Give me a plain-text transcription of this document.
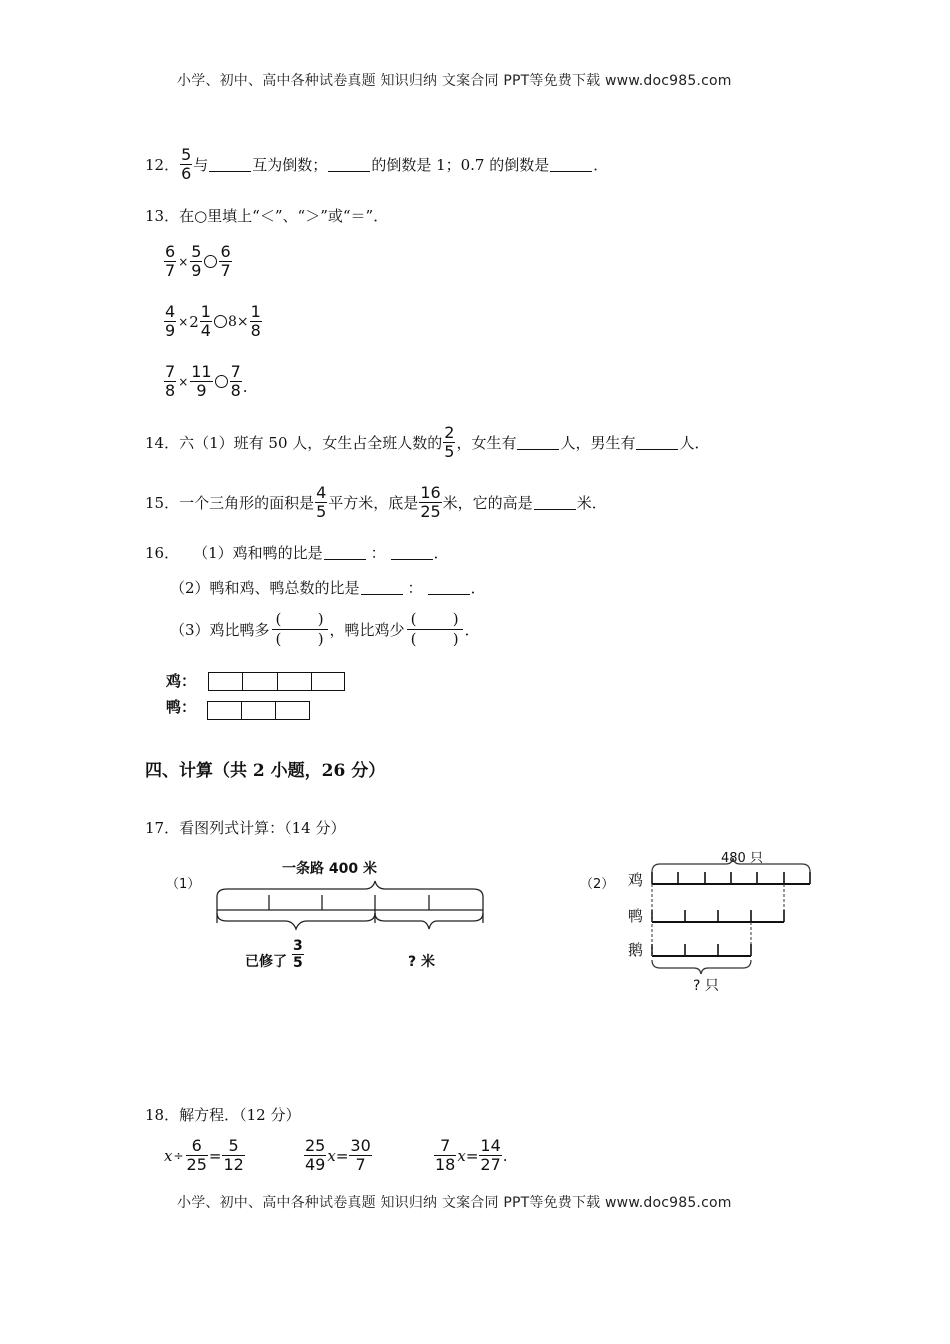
小学、初中、高中各种试卷真题 知识归纳 文案合同 PPT等免费下载 www.doc985.com
12． $\frac{5}{6}$ 与	互为倒数；	的倒数是 1；0.7 的倒数是	．
13． 在○里填上“＜”、“＞”或“＝”．
$\frac{6}{7} \times \frac{5}{9} \frac{6}{7}$
$\frac{4}{9} \times 2 \frac{1}{4} 8\times \frac{1}{8}$
$\frac{7}{8} \times \frac{11}{9} \frac{7}{8}$ .
14． 六（1）班有 50 人，女生占全班人数的 $\frac{2}{5}$ ，女生有	人，男生有	人．
15． 一个三角形的面积是 $\frac{4}{5}$ 平方米，底是 $\frac{16}{25}$ 米，它的高是	米．
16． （1）鸡和鸭的比是	：	．
（2）鸭和鸡、鸭总数的比是	：	．
（3）鸡比鸭多
( )
( ) ，鸭比鸡少
( )
( ) ．
鸡：
鸭：
四、计算（共 2 小题，26 分）
17． 看图列式计算：（14 分）
（1）
一条路 400 米
已修了
3
5	? 米
（2）
480 只
鸡
鸭
鹅
? 只
18． 解方程．（12 分）
$x \div \frac{6}{25} = \frac{5}{12}$	$\frac{25}{49}$ $x = \frac{30}{7}$	$\frac{7}{18}$ $x = \frac{14}{27}$ .
小学、初中、高中各种试卷真题 知识归纳 文案合同 PPT等免费下载 www.doc985.com
